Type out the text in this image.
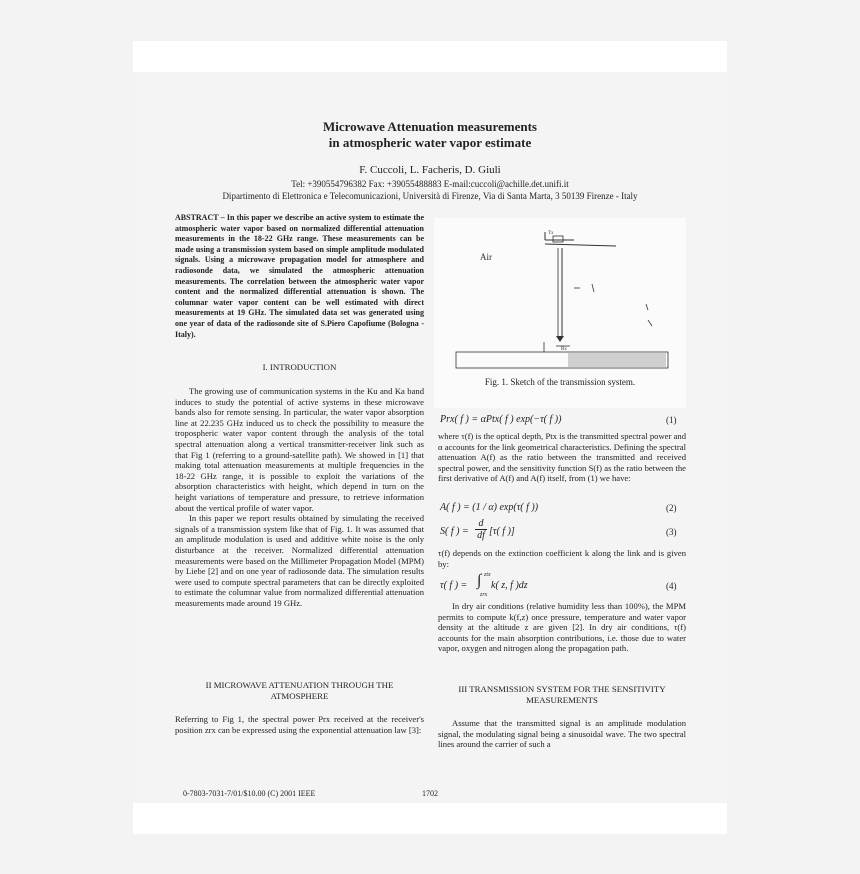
Microwave Attenuation measurements
in atmospheric water vapor estimate
F. Cuccoli, L. Facheris, D. Giuli
Tel: +390554796382 Fax: +39055488883 E-mail:cuccoli@achille.det.unifi.it
Dipartimento di Elettronica e Telecomunicazioni, Università di Firenze, Via di Santa Marta, 3 50139 Firenze - Italy
ABSTRACT – In this paper we describe an active system to estimate the atmospheric water vapor based on normalized differential attenuation measurements in the 18-22 GHz range. These measurements can be made using a transmission system based on simple amplitude modulated signals. Using a microwave propagation model for atmosphere and radiosonde data, we simulated the atmospheric attenuation measurements. The correlation between the atmospheric water vapor content and the normalized differential attenuation is shown. The columnar water vapor content can be well estimated with direct measurements at 19 GHz. The simulated data set was generated using one year of data of the radiosonde site of S.Piero Capofiume (Bologna - Italy).
I. INTRODUCTION

The growing use of communication systems in the Ku and Ka band induces to study the potential of active systems in these microwave bands also for remote sensing. In particular, the water vapor absorption line at 22.235 GHz induced us to check the possibility to measure the tropospheric water vapor content through the analysis of the total spectral attenuation along a vertical transmitter-receiver link such as that Fig 1 (referring to a ground-satellite path). We showed in [1] that making total attenuation measurements at multiple frequencies in the 18-22 GHz range, it is possible to exploit the variations of the absorption characteristics with height, which depend in turn on the height variations of temperature and pressure, to retrieve information about the vertical profile of water vapor.

In this paper we report results obtained by simulating the received signals of a transmission system like that of Fig. 1. It was assumed that an amplitude modulation is used and additive white noise is the only disturbance at the receiver. Normalized differential attenuation measurements were based on the Millimeter Propagation Model (MPM) by Liebe [2] and on one year of radiosonde data. The simulation results were used to compute spectral parameters that can be directly exploited to estimate the columnar value from normalized differential attenuation measurements made around 19 GHz.

II MICROWAVE ATTENUATION THROUGH THE
ATMOSPHERE
Referring to Fig 1, the spectral power Prx received at the receiver's position zrx can be expressed using the exponential attenuation law [3]:
Air
Tx
Rx
Fig. 1. Sketch of the transmission system.
Prx( f ) = αPtx( f ) exp(−τ( f ))	(1)
where τ(f) is the optical depth, Ptx is the transmitted spectral power and α accounts for the link geometrical characteristics. Defining the spectral attenuation A(f) as the ratio between the transmitted and received spectral power, and the sensitivity function S(f) as the ratio between the first derivative of A(f) and A(f) itself, from (1) we have:
A( f ) = (1 / α) exp(τ( f ))	(2)
S( f ) = $\frac{d}{df} [\tau$( f )]	(3)
τ(f) depends on the extinction coefficient k along the link and is given by:
τ( f ) = ∫ ztx
zrx
k( z, f )dz	(4)

In dry air conditions (relative humidity less than 100%), the MPM permits to compute k(f,z) once pressure, temperature and water vapor density at the altitude z are given [2]. In dry air conditions, τ(f) accounts for the main absorption contributions, i.e. those due to water vapor, oxygen and nitrogen along the propagation path.

III TRANSMISSION SYSTEM FOR THE SENSITIVITY
MEASUREMENTS

Assume that the transmitted signal is an amplitude modulation signal, the modulating signal being a sinusoidal wave. The two spectral lines around the carrier of such a

0-7803-7031-7/01/$10.00 (C) 2001 IEEE	1702
